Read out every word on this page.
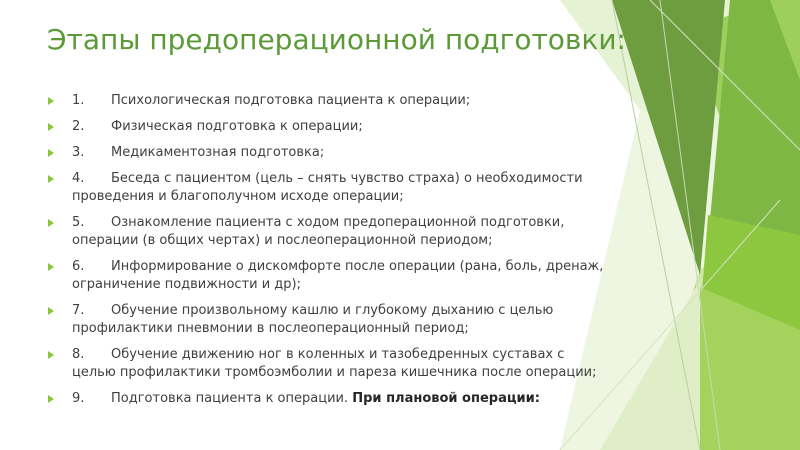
Этапы предоперационной подготовки:
1. Психологическая подготовка пациента к операции;
2. Физическая подготовка к операции;
3. Медикаментозная подготовка;
4. Беседа с пациентом (цель – снять чувство страха) о необходимости проведения и благополучном исходе операции;
5. Ознакомление пациента с ходом предоперационной подготовки, операции (в общих чертах) и послеоперационной периодом;
6. Информирование о дискомфорте после операции (рана, боль, дренаж, ограничение подвижности и др);
7. Обучение произвольному кашлю и глубокому дыханию с целью профилактики пневмонии в послеоперационный период;
8. Обучение движению ног в коленных и тазобедренных суставах с целью профилактики тромбоэмболии и пареза кишечника после операции;
9. Подготовка пациента к операции. При плановой операции:
